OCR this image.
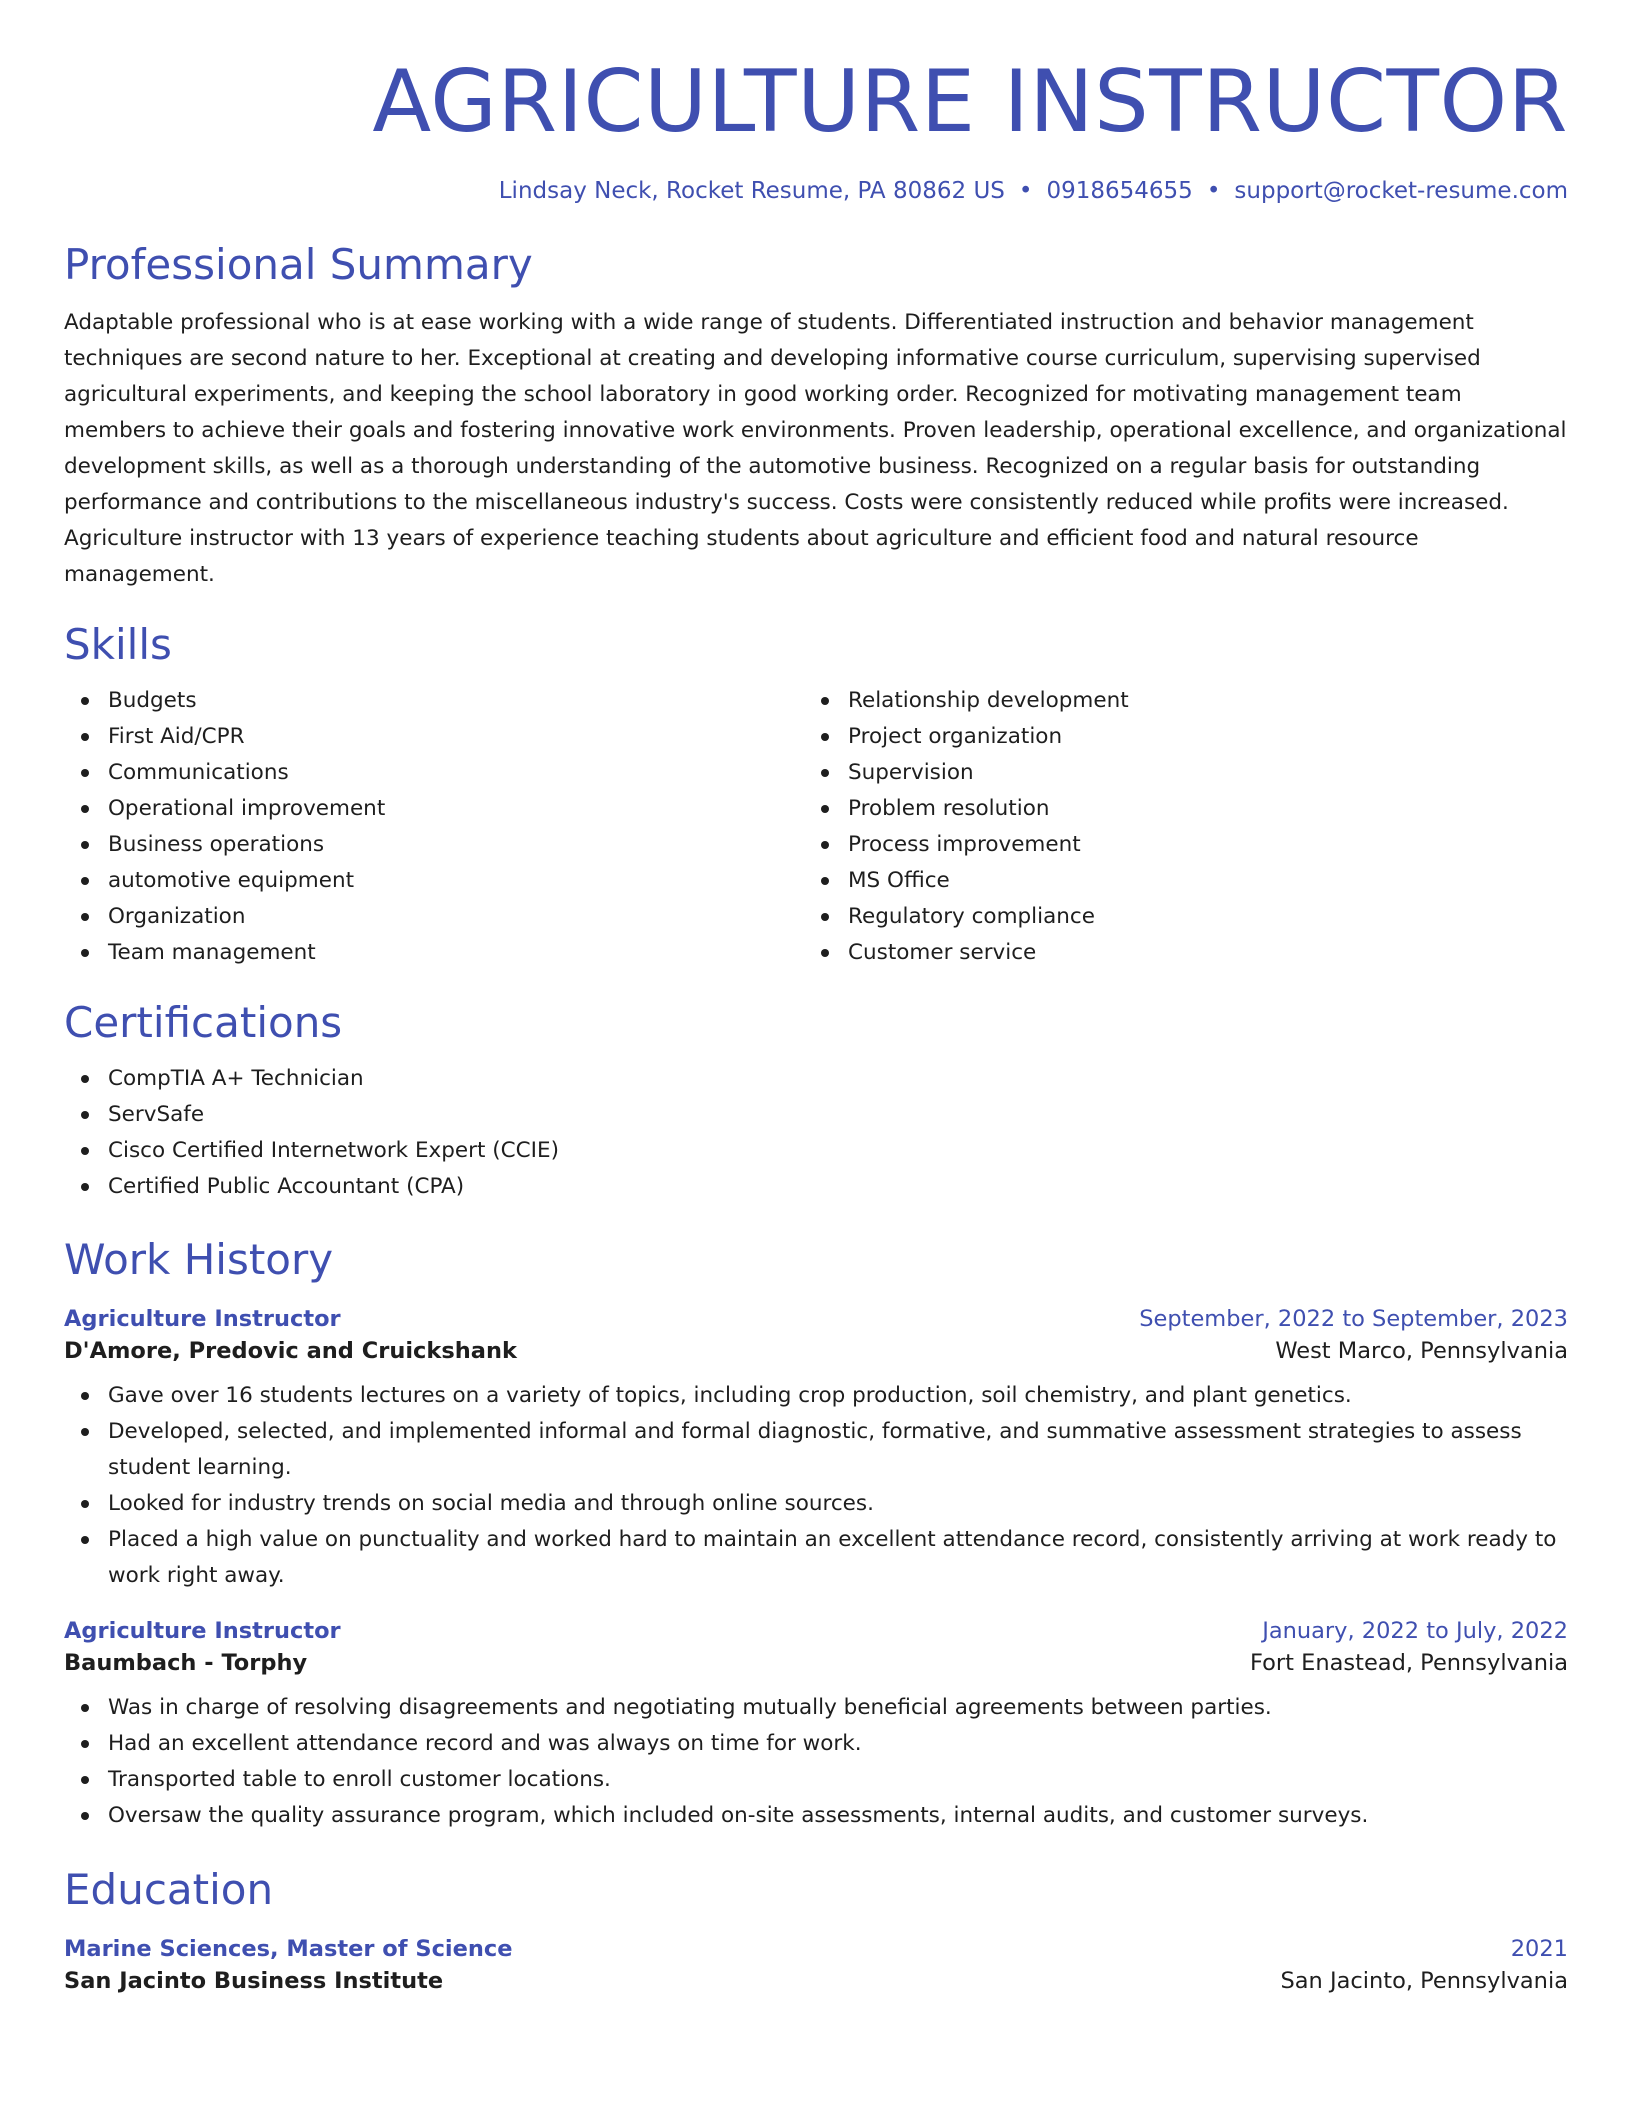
AGRICULTURE INSTRUCTOR
Lindsay Neck, Rocket Resume, PA 80862 US • 0918654655 • support@rocket-resume.com
Professional Summary

Adaptable professional who is at ease working with a wide range of students. Differentiated instruction and behavior management techniques are second nature to her. Exceptional at creating and developing informative course curriculum, supervising supervised agricultural experiments, and keeping the school laboratory in good working order. Recognized for motivating management team members to achieve their goals and fostering innovative work environments. Proven leadership, operational excellence, and organizational development skills, as well as a thorough understanding of the automotive business. Recognized on a regular basis for outstanding performance and contributions to the miscellaneous industry's success. Costs were consistently reduced while profits were increased. Agriculture instructor with 13 years of experience teaching students about agriculture and efficient food and natural resource management.

Skills
Budgets
First Aid/CPR
Communications
Operational improvement
Business operations
automotive equipment
Organization
Team management
Relationship development
Project organization
Supervision
Problem resolution
Process improvement
MS Office
Regulatory compliance
Customer service
Certifications
CompTIA A+ Technician
ServSafe
Cisco Certified Internetwork Expert (CCIE)
Certified Public Accountant (CPA)
Work History
Agriculture Instructor	September, 2022 to September, 2023
D'Amore, Predovic and Cruickshank	West Marco, Pennsylvania
Gave over 16 students lectures on a variety of topics, including crop production, soil chemistry, and plant genetics.
Developed, selected, and implemented informal and formal diagnostic, formative, and summative assessment strategies to assess student learning.
Looked for industry trends on social media and through online sources.
Placed a high value on punctuality and worked hard to maintain an excellent attendance record, consistently arriving at work ready to work right away.
Agriculture Instructor	January, 2022 to July, 2022
Baumbach - Torphy	Fort Enastead, Pennsylvania
Was in charge of resolving disagreements and negotiating mutually beneficial agreements between parties.
Had an excellent attendance record and was always on time for work.
Transported table to enroll customer locations.
Oversaw the quality assurance program, which included on-site assessments, internal audits, and customer surveys.
Education
Marine Sciences, Master of Science	2021
San Jacinto Business Institute	San Jacinto, Pennsylvania
